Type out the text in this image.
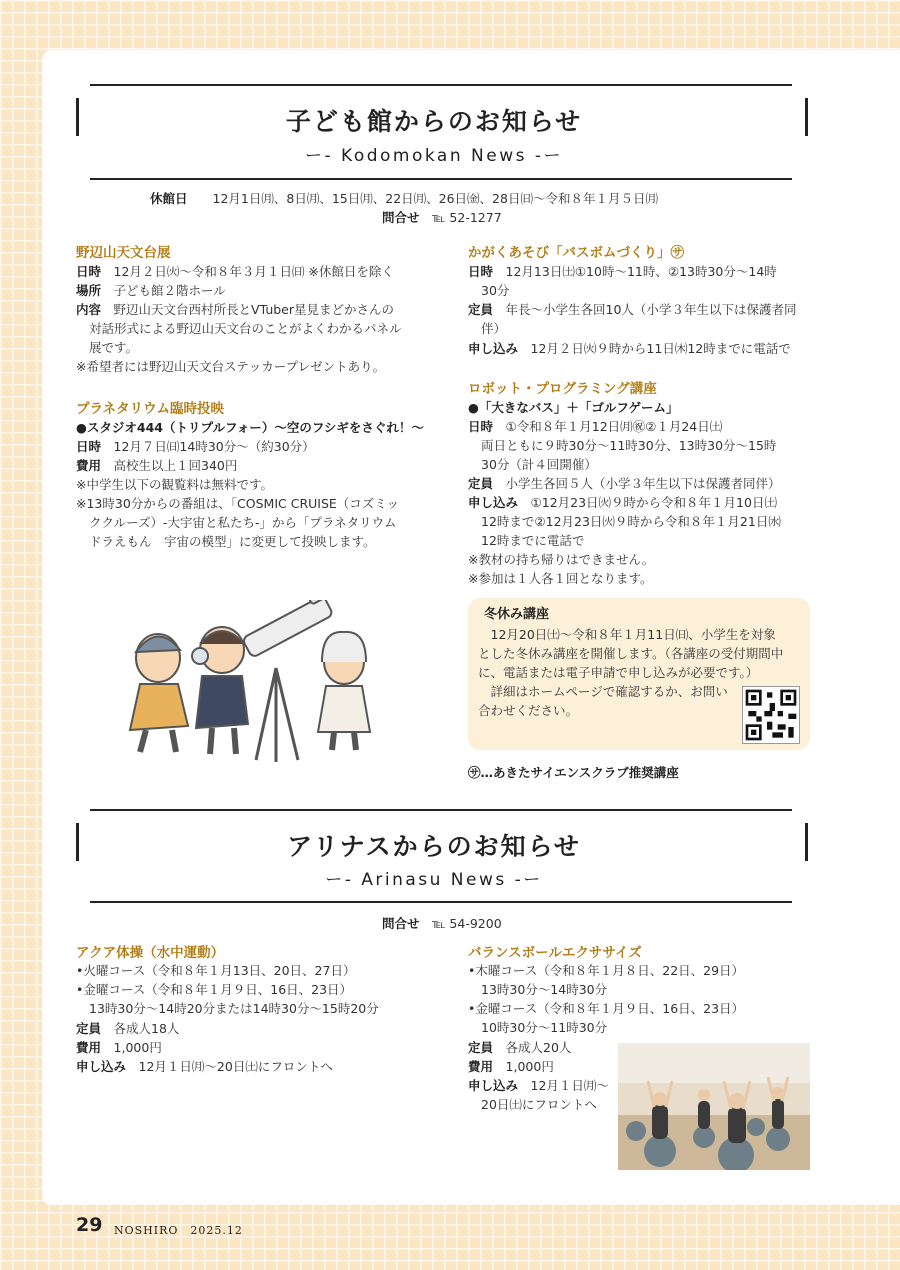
子ども館からのお知らせ
ー- Kodomokan News -ー
休館日　　 12月1日㈪、8日㈪、15日㈪、22日㈪、26日㈮、28日㈰～令和８年１月５日㈪
問合せ　 ℡ 52-1277
野辺山天文台展
日時　 12月２日㈫～令和８年３月１日㈰ ※休館日を除く
場所　 子ども館２階ホール
内容　 野辺山天文台西村所長とVTuber星見まどかさんの
対話形式による野辺山天文台のことがよくわかるパネル
展です。
※希望者には野辺山天文台ステッカープレゼントあり。
プラネタリウム臨時投映
●スタジオ444（トリプルフォー）～空のフシギをさぐれ！～
日時　 12月７日㈰14時30分～（約30分）
費用　 高校生以上１回340円
※中学生以下の観覧料は無料です。
※13時30分からの番組は、「COSMIC CRUISE（コズミッ
ククルーズ）-大宇宙と私たち-」から「プラネタリウム
ドラえもん　宇宙の模型」に変更して投映します。
かがくあそび「バスボムづくり」㋚
日時　 12月13日㈯①10時～11時、②13時30分～14時
30分
定員　 年長～小学生各回10人（小学３年生以下は保護者同
伴）
申し込み　 12月２日㈫９時から11日㈭12時までに電話で
ロボット・プログラミング講座
●「大きなバス」＋「ゴルフゲーム」
日時　 ①令和８年１月12日㈪㊗②１月24日㈯
両日ともに９時30分～11時30分、13時30分～15時
30分（計４回開催）
定員　 小学生各回５人（小学３年生以下は保護者同伴）
申し込み　 ①12月23日㈫９時から令和８年１月10日㈯
12時まで②12月23日㈫９時から令和８年１月21日㈬
12時までに電話で
※教材の持ち帰りはできません。
※参加は１人各１回となります。
冬休み講座
　12月20日㈯～令和８年１月11日㈰、小学生を対象
とした冬休み講座を開催します。（各講座の受付期間中
に、電話または電子申請で申し込みが必要です。）
　詳細はホームページで確認するか、お問い
合わせください。
㋚…あきたサイエンスクラブ推奨講座
アリナスからのお知らせ
ー- Arinasu News -ー
問合せ　 ℡ 54-9200
アクア体操（水中運動）
•火曜コース（令和８年１月13日、20日、27日）
•金曜コース（令和８年１月９日、16日、23日）
13時30分～14時20分または14時30分～15時20分
定員　 各成人18人
費用　 1,000円
申し込み　 12月１日㈪～20日㈯にフロントへ
バランスボールエクササイズ
•木曜コース（令和８年１月８日、22日、29日）
13時30分～14時30分
•金曜コース（令和８年１月９日、16日、23日）
10時30分～11時30分
定員　 各成人20人
費用　 1,000円
申し込み　 12月１日㈪～
20日㈯にフロントへ
29 NOSHIRO　2025.12
